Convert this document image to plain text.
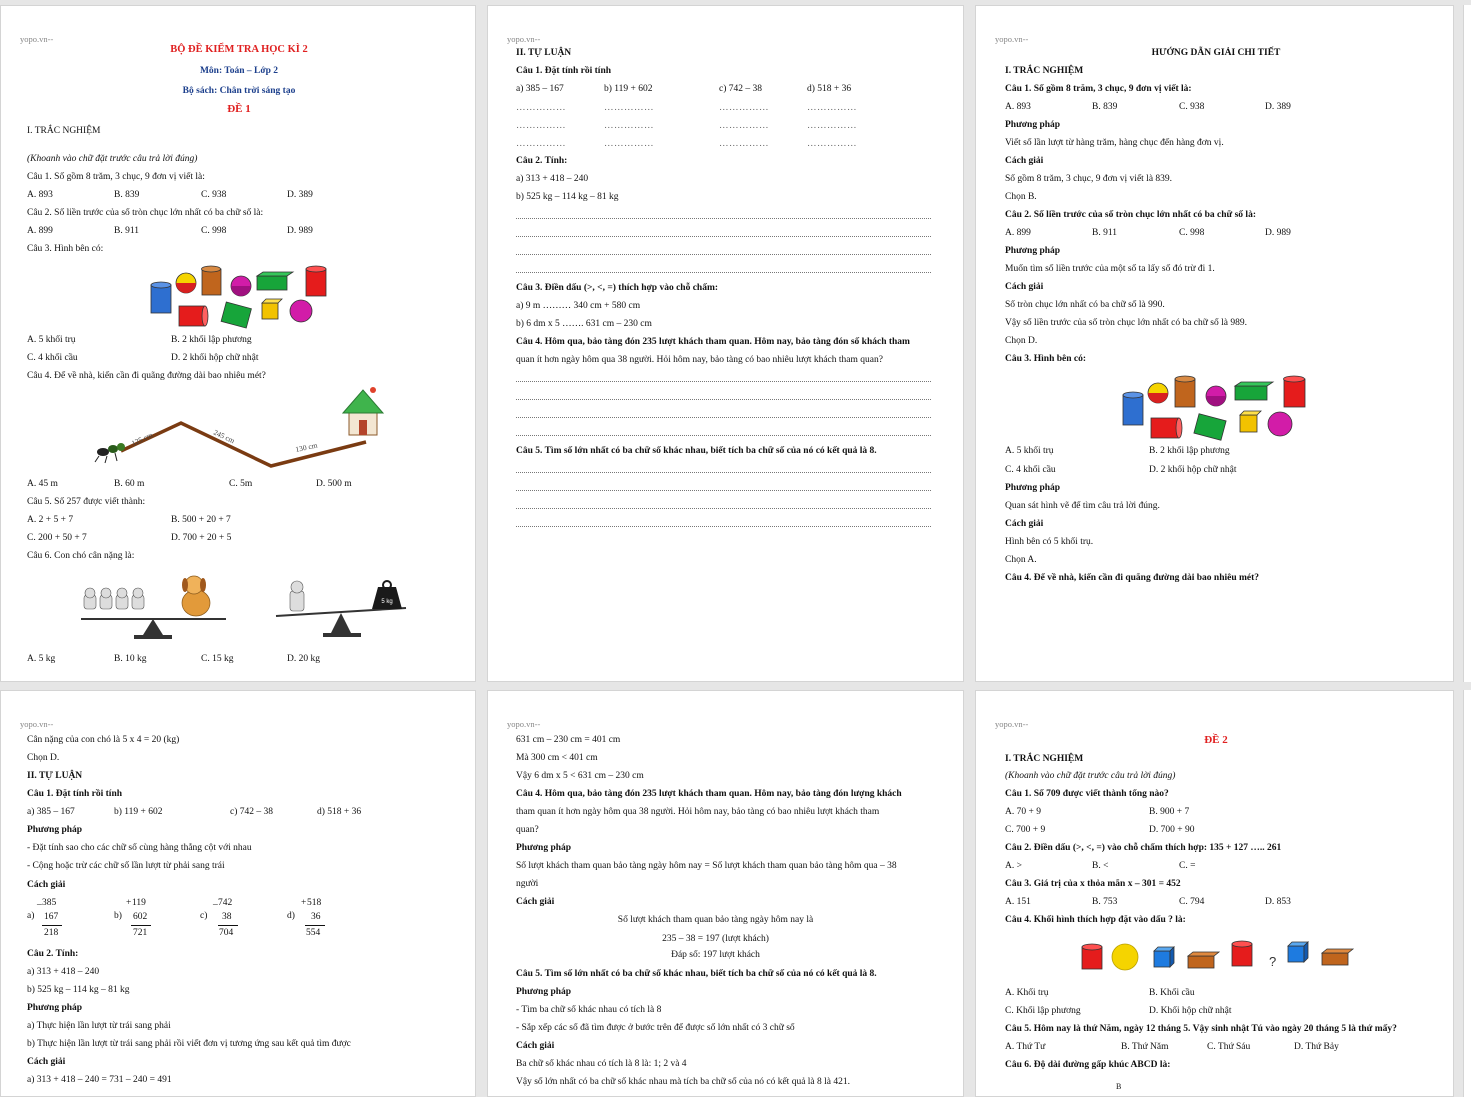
yopo.vn--
BỘ ĐỀ KIỂM TRA HỌC KÌ 2
Môn: Toán – Lớp 2
Bộ sách: Chân trời sáng tạo
ĐỀ 1
I. TRẮC NGHIỆM
(Khoanh vào chữ đặt trước câu trả lời đúng)
Câu 1. Số gồm 8 trăm, 3 chục, 9 đơn vị viết là:
A. 893	B. 839	C. 938	D. 389
Câu 2. Số liền trước của số tròn chục lớn nhất có ba chữ số là:
A. 899	B. 911	C. 998	D. 989
Câu 3. Hình bên có:
A. 5 khối trụ	B. 2 khối lập phương
C. 4 khối cầu	D. 2 khối hộp chữ nhật
Câu 4. Để về nhà, kiến cần đi quãng đường dài bao nhiêu mét?
125 cm	245 cm
130 cm
A. 45 m	B. 60 m	C. 5m	D. 500 m
Câu 5. Số 257 được viết thành:
A. 2 + 5 + 7	B. 500 + 20 + 7
C. 200 + 50 + 7	D. 700 + 20 + 5
Câu 6. Con chó cân nặng là:
5 kg
A. 5 kg	B. 10 kg	C. 15 kg	D. 20 kg
yopo.vn--
II. TỰ LUẬN
Câu 1. Đặt tính rồi tính
a) 385 – 167	b) 119 + 602	c) 742 – 38	d) 518 + 36
……………	……………	……………	……………
……………	……………	……………	……………
……………	……………	……………	……………
Câu 2. Tính:
a) 313 + 418 – 240
b) 525 kg – 114 kg – 81 kg
Câu 3. Điền dấu (>, <, =) thích hợp vào chỗ chấm:
a) 9 m ……… 340 cm + 580 cm
b) 6 dm x 5 ……. 631 cm – 230 cm
Câu 4. Hôm qua, bảo tàng đón 235 lượt khách tham quan. Hôm nay, bảo tàng đón số khách tham
quan ít hơn ngày hôm qua 38 người. Hỏi hôm nay, bảo tàng có bao nhiêu lượt khách tham quan?
Câu 5. Tìm số lớn nhất có ba chữ số khác nhau, biết tích ba chữ số của nó có kết quả là 8.
yopo.vn--
HƯỚNG DẪN GIẢI CHI TIẾT
I. TRẮC NGHIỆM
Câu 1. Số gồm 8 trăm, 3 chục, 9 đơn vị viết là:
A. 893	B. 839	C. 938	D. 389
Phương pháp
Viết số lần lượt từ hàng trăm, hàng chục đến hàng đơn vị.
Cách giải
Số gồm 8 trăm, 3 chục, 9 đơn vị viết là 839.
Chọn B.
Câu 2. Số liền trước của số tròn chục lớn nhất có ba chữ số là:
A. 899	B. 911	C. 998	D. 989
Phương pháp
Muốn tìm số liền trước của một số ta lấy số đó trừ đi 1.
Cách giải
Số tròn chục lớn nhất có ba chữ số là 990.
Vậy số liền trước của số tròn chục lớn nhất có ba chữ số là 989.
Chọn D.
Câu 3. Hình bên có:
A. 5 khối trụ	B. 2 khối lập phương
C. 4 khối cầu	D. 2 khối hộp chữ nhật
Phương pháp
Quan sát hình vẽ để tìm câu trả lời đúng.
Cách giải
Hình bên có 5 khối trụ.
Chọn A.
Câu 4. Để về nhà, kiến cần đi quãng đường dài bao nhiêu mét?
yopo.vn--
Cân nặng của con chó là 5 x 4 = 20 (kg)
Chọn D.
II. TỰ LUẬN
Câu 1. Đặt tính rồi tính
a) 385 – 167	b) 119 + 602	c) 742 – 38	d) 518 + 36
Phương pháp
- Đặt tính sao cho các chữ số cùng hàng thẳng cột với nhau
- Cộng hoặc trừ các chữ số lần lượt từ phải sang trái
Cách giải
a)
_ 385
167
218
b)
+ 119
602
721
c)
_ 742
38
704
d)
+ 518
36
554
Câu 2. Tính:
a) 313 + 418 – 240
b) 525 kg – 114 kg – 81 kg
Phương pháp
a) Thực hiện lần lượt từ trái sang phải
b) Thực hiện lần lượt từ trái sang phải rồi viết đơn vị tương ứng sau kết quả tìm được
Cách giải
a) 313 + 418 – 240 = 731 – 240 = 491
yopo.vn--
631 cm – 230 cm = 401 cm
Mà 300 cm < 401 cm
Vậy 6 dm x 5 < 631 cm – 230 cm
Câu 4. Hôm qua, bảo tàng đón 235 lượt khách tham quan. Hôm nay, bảo tàng đón lượng khách
tham quan ít hơn ngày hôm qua 38 người. Hỏi hôm nay, bảo tàng có bao nhiêu lượt khách tham
quan?
Phương pháp
Số lượt khách tham quan bảo tàng ngày hôm nay = Số lượt khách tham quan bảo tàng hôm qua – 38
người
Cách giải
Số lượt khách tham quan bảo tàng ngày hôm nay là
235 – 38 = 197 (lượt khách)
Đáp số: 197 lượt khách
Câu 5. Tìm số lớn nhất có ba chữ số khác nhau, biết tích ba chữ số của nó có kết quả là 8.
Phương pháp
- Tìm ba chữ số khác nhau có tích là 8
- Sắp xếp các số đã tìm được ở bước trên để được số lớn nhất có 3 chữ số
Cách giải
Ba chữ số khác nhau có tích là 8 là: 1; 2 và 4
Vậy số lớn nhất có ba chữ số khác nhau mà tích ba chữ số của nó có kết quả là 8 là 421.
yopo.vn--
ĐỀ 2
I. TRẮC NGHIỆM
(Khoanh vào chữ đặt trước câu trả lời đúng)
Câu 1. Số 709 được viết thành tổng nào?
A. 70 + 9	B. 900 + 7
C. 700 + 9	D. 700 + 90
Câu 2. Điền dấu (>, <, =) vào chỗ chấm thích hợp: 135 + 127 ….. 261
A. >	B. <	C. =
Câu 3. Giá trị của x thỏa mãn x – 301 = 452
A. 151	B. 753	C. 794	D. 853
Câu 4. Khối hình thích hợp đặt vào dấu ? là:
?
A. Khối trụ	B. Khối cầu
C. Khối lập phương	D. Khối hộp chữ nhật
Câu 5. Hôm nay là thứ Năm, ngày 12 tháng 5. Vậy sinh nhật Tú vào ngày 20 tháng 5 là thứ mấy?
A. Thứ Tư	B. Thứ Năm	C. Thứ Sáu	D. Thứ Bảy
Câu 6. Độ dài đường gấp khúc ABCD là:
B
